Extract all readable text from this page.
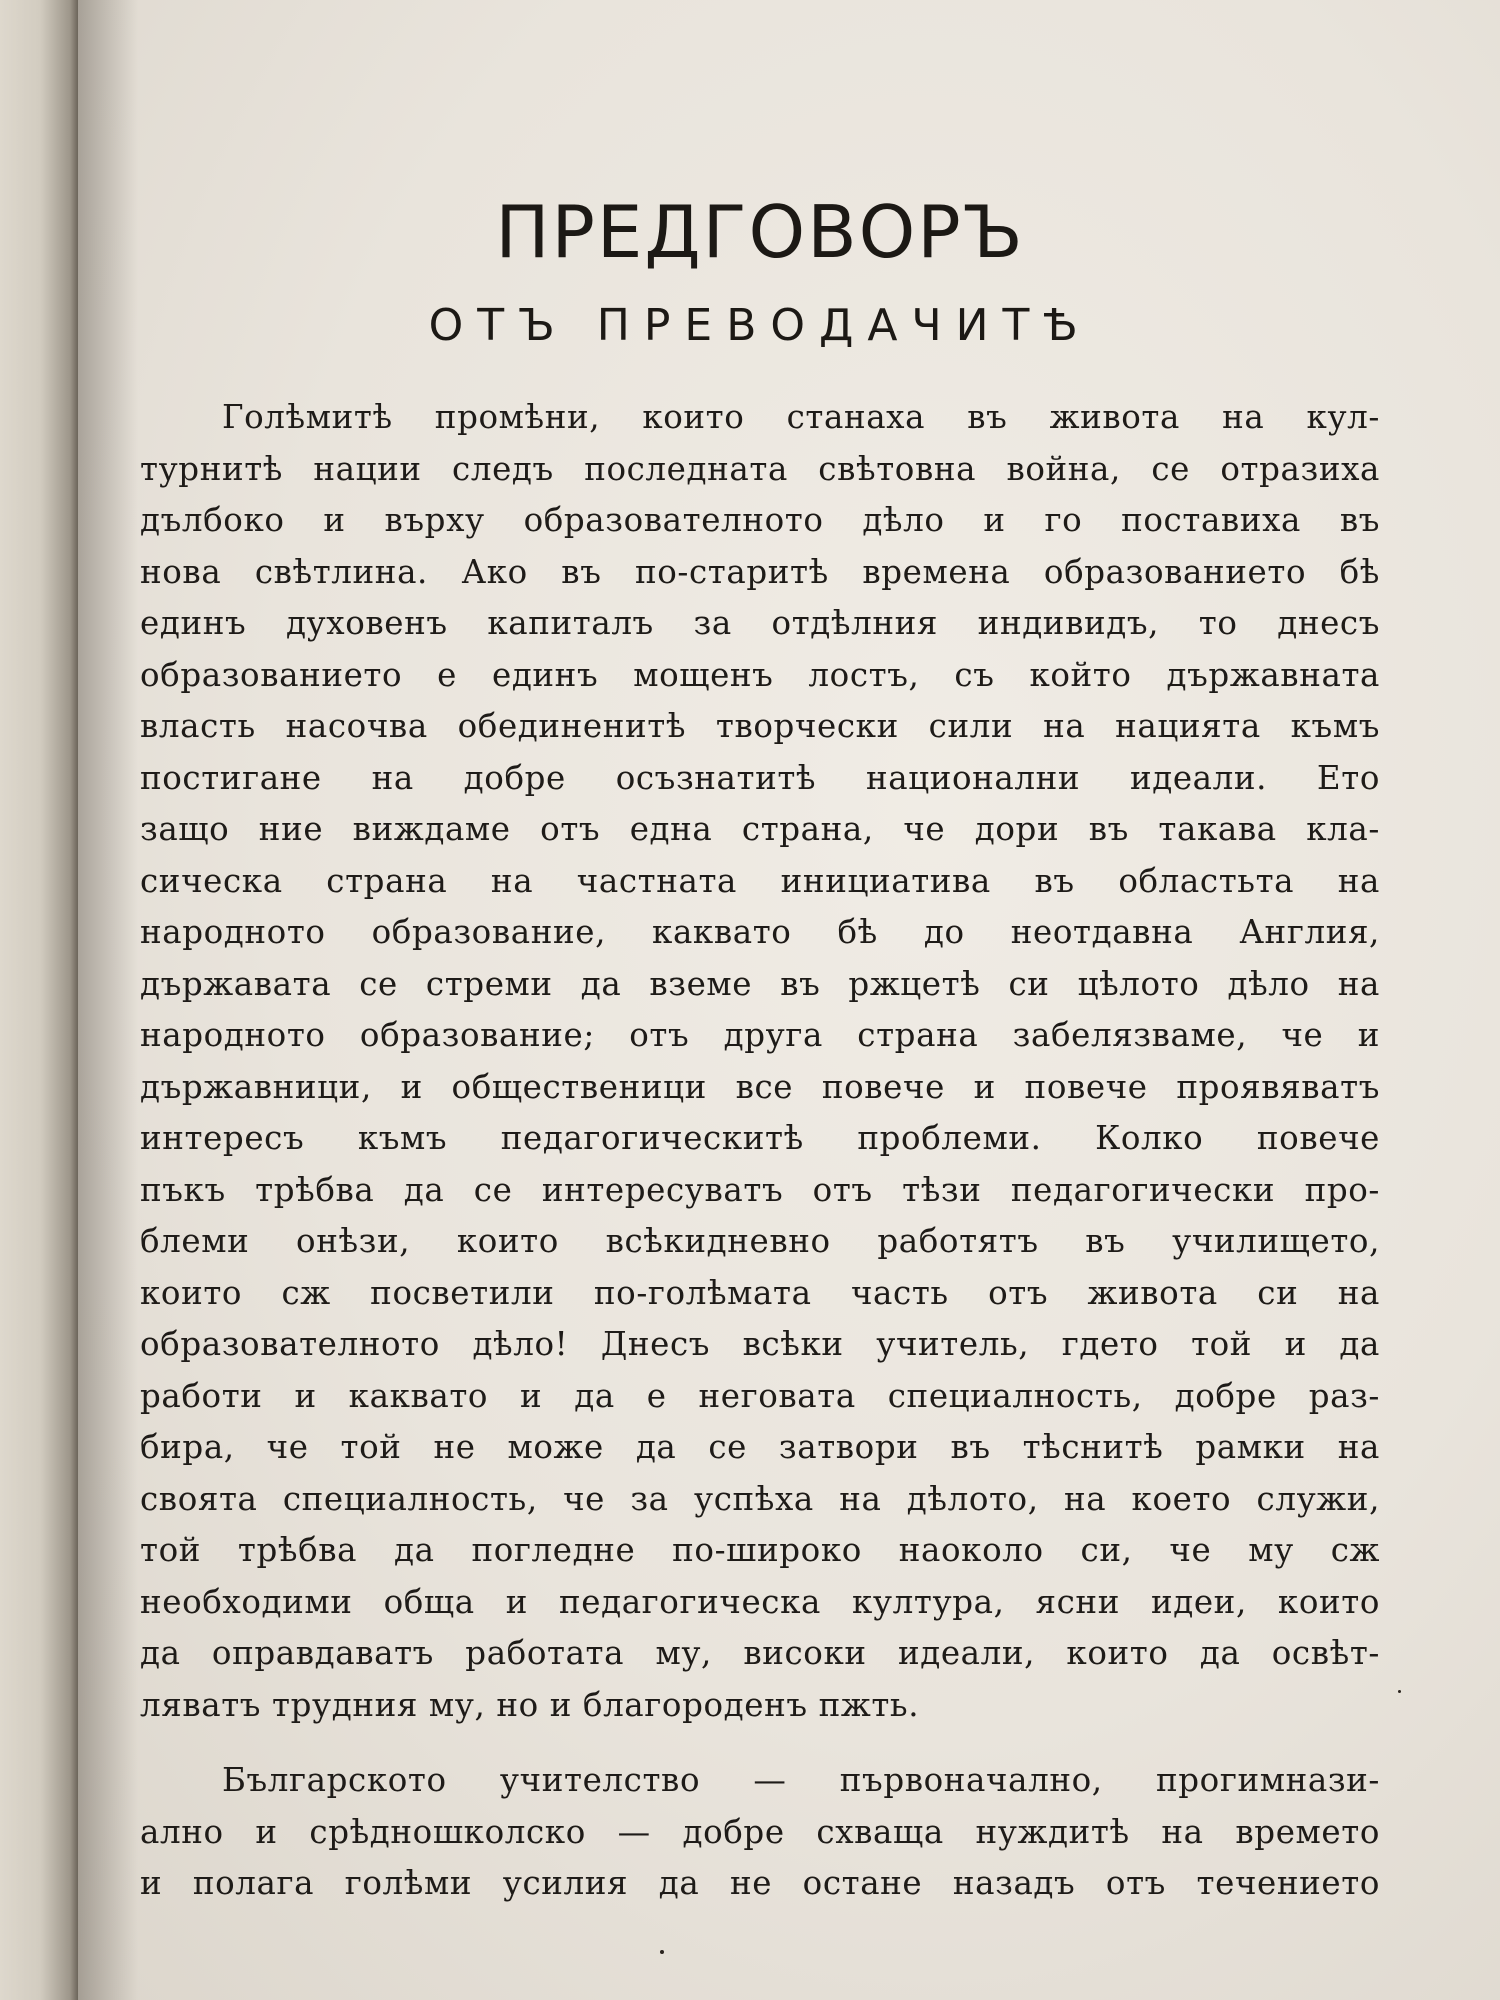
ПРЕДГОВОРЪ
ОТЪ ПРЕВОДАЧИТѢ
Голѣмитѣ промѣни, които станаха въ живота на кул-
турнитѣ нации следъ последната свѣтовна война, се отразиха
дълбоко и върху образователното дѣло и го поставиха въ
нова свѣтлина. Ако въ по-старитѣ времена образованието бѣ
единъ духовенъ капиталъ за отдѣлния индивидъ, то днесъ
образованието е единъ мощенъ лостъ, съ който държавната
власть насочва обединенитѣ творчески сили на нацията къмъ
постигане на добре осъзнатитѣ национални идеали. Ето
защо ние виждаме отъ една страна, че дори въ такава кла-
сическа страна на частната инициатива въ областьта на
народното образование, каквато бѣ до неотдавна Англия,
държавата се стреми да вземе въ ржцетѣ си цѣлото дѣло на
народното образование; отъ друга страна забелязваме, че и
държавници, и общественици все повече и повече проявяватъ
интересъ къмъ педагогическитѣ проблеми. Колко повече
пъкъ трѣбва да се интересуватъ отъ тѣзи педагогически про-
блеми онѣзи, които всѣкидневно работятъ въ училището,
които сж посветили по-голѣмата часть отъ живота си на
образователното дѣло! Днесъ всѣки учитель, гдето той и да
работи и каквато и да е неговата специалность, добре раз-
бира, че той не може да се затвори въ тѣснитѣ рамки на
своята специалность, че за успѣха на дѣлото, на което служи,
той трѣбва да погледне по-широко наоколо си, че му сж
необходими обща и педагогическа култура, ясни идеи, които
да оправдаватъ работата му, високи идеали, които да освѣт-
ляватъ трудния му, но и благороденъ пжть.
Българското учителство — първоначално, прогимнази-
ално и срѣдношколско — добре схваща нуждитѣ на времето
и полага голѣми усилия да не остане назадъ отъ течението
